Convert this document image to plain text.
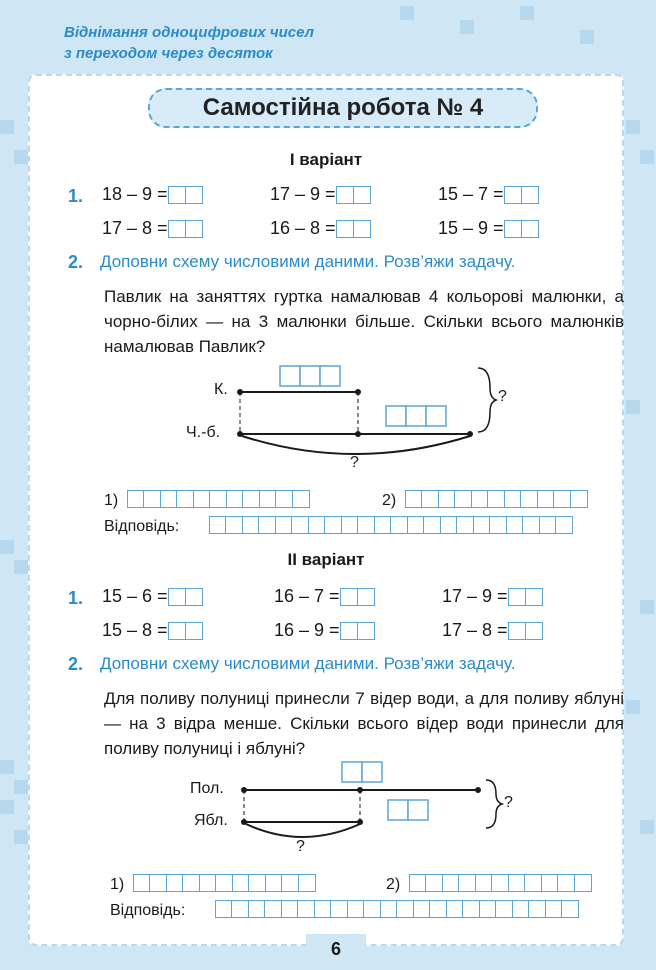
Віднімання одноцифрових чисел
з переходом через десяток
Самостійна робота № 4
I варіант
1. 18 – 9 =	17 – 9 =	15 – 7 =
17 – 8 =	16 – 8 =	15 – 9 =
2. Доповни схему числовими даними. Розв’яжи задачу.
Павлик на заняттях гуртка намалював 4 кольорові малюнки, а чорно-білих — на 3 малюнки більше. Скільки всього малюнків намалював Павлик?
К.
Ч.-б.
?
?
1)	2)
Відповідь:
II варіант
1. 15 – 6 =	16 – 7 =	17 – 9 =
15 – 8 =	16 – 9 =	17 – 8 =
2. Доповни схему числовими даними. Розв’яжи задачу.
Для поливу полуниці принесли 7 відер води, а для поливу яблуні — на 3 відра менше. Скільки всього відер води принесли для поливу полуниці і яблуні?
Пол.
Ябл.
?
?
1)	2)
Відповідь:
6
